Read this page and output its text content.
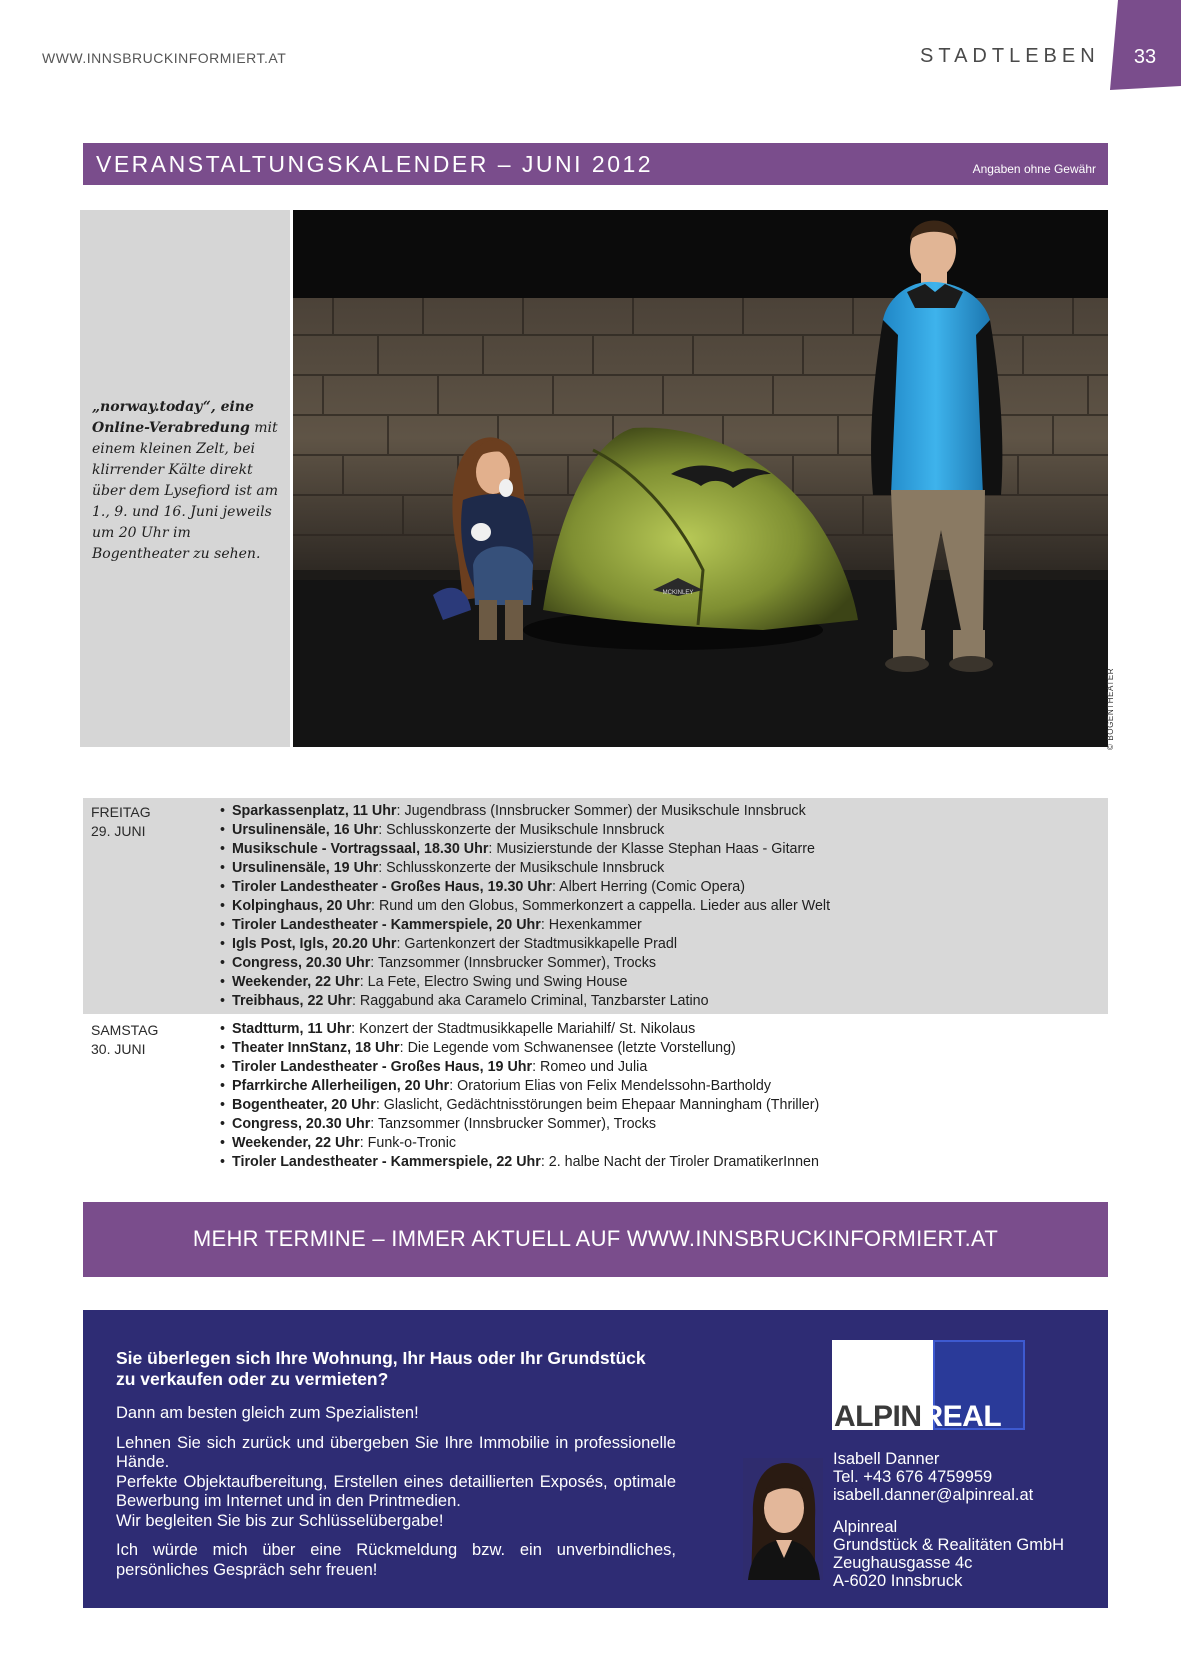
WWW.INNSBRUCKINFORMIERT.AT	STADTLEBEN	33
VERANSTALTUNGSKALENDER – JUNI 2012	Angaben ohne Gewähr
„norway.today“, eine Online-Verabredung mit einem kleinen Zelt, bei klirrender Kälte direkt über dem Lysefiord ist am 1., 9. und 16. Juni jeweils um 20 Uhr im Bogentheater zu sehen.
MCKINLEY
© BOGENTHEATER
FREITAG
29. JUNI
• Sparkassenplatz, 11 Uhr: Jugendbrass (Innsbrucker Sommer) der Musikschule Innsbruck
• Ursulinensäle, 16 Uhr: Schlusskonzerte der Musikschule Innsbruck
• Musikschule - Vortragssaal, 18.30 Uhr: Musizierstunde der Klasse Stephan Haas - Gitarre
• Ursulinensäle, 19 Uhr: Schlusskonzerte der Musikschule Innsbruck
• Tiroler Landestheater - Großes Haus, 19.30 Uhr: Albert Herring (Comic Opera)
• Kolpinghaus, 20 Uhr: Rund um den Globus, Sommerkonzert a cappella. Lieder aus aller Welt
• Tiroler Landestheater - Kammerspiele, 20 Uhr: Hexenkammer
• Igls Post, Igls, 20.20 Uhr: Gartenkonzert der Stadtmusikkapelle Pradl
• Congress, 20.30 Uhr: Tanzsommer (Innsbrucker Sommer), Trocks
• Weekender, 22 Uhr: La Fete, Electro Swing und Swing House
• Treibhaus, 22 Uhr: Raggabund aka Caramelo Criminal, Tanzbarster Latino
SAMSTAG
30. JUNI
• Stadtturm, 11 Uhr: Konzert der Stadtmusikkapelle Mariahilf/ St. Nikolaus
• Theater InnStanz, 18 Uhr: Die Legende vom Schwanensee (letzte Vorstellung)
• Tiroler Landestheater - Großes Haus, 19 Uhr: Romeo und Julia
• Pfarrkirche Allerheiligen, 20 Uhr: Oratorium Elias von Felix Mendelssohn-Bartholdy
• Bogentheater, 20 Uhr: Glaslicht, Gedächtnisstörungen beim Ehepaar Manningham (Thriller)
• Congress, 20.30 Uhr: Tanzsommer (Innsbrucker Sommer), Trocks
• Weekender, 22 Uhr: Funk-o-Tronic
• Tiroler Landestheater - Kammerspiele, 22 Uhr: 2. halbe Nacht der Tiroler DramatikerInnen
MEHR TERMINE – IMMER AKTUELL AUF WWW.INNSBRUCKINFORMIERT.AT
Sie überlegen sich Ihre Wohnung, Ihr Haus oder Ihr Grundstück
zu verkaufen oder zu vermieten?

Dann am besten gleich zum Spezialisten!

Lehnen Sie sich zurück und übergeben Sie Ihre Immobilie in professionelle Hände.

Perfekte Objektaufbereitung, Erstellen eines detaillierten Exposés, optimale Bewerbung im Internet und in den Printmedien.

Wir begleiten Sie bis zur Schlüsselübergabe!

Ich würde mich über eine Rückmeldung bzw. ein unverbindliches, persönliches Gespräch sehr freuen!

ALPINREAL
Isabell Danner
Tel. +43 676 4759959
isabell.danner@alpinreal.at
Alpinreal
Grundstück & Realitäten GmbH
Zeughausgasse 4c
A-6020 Innsbruck
